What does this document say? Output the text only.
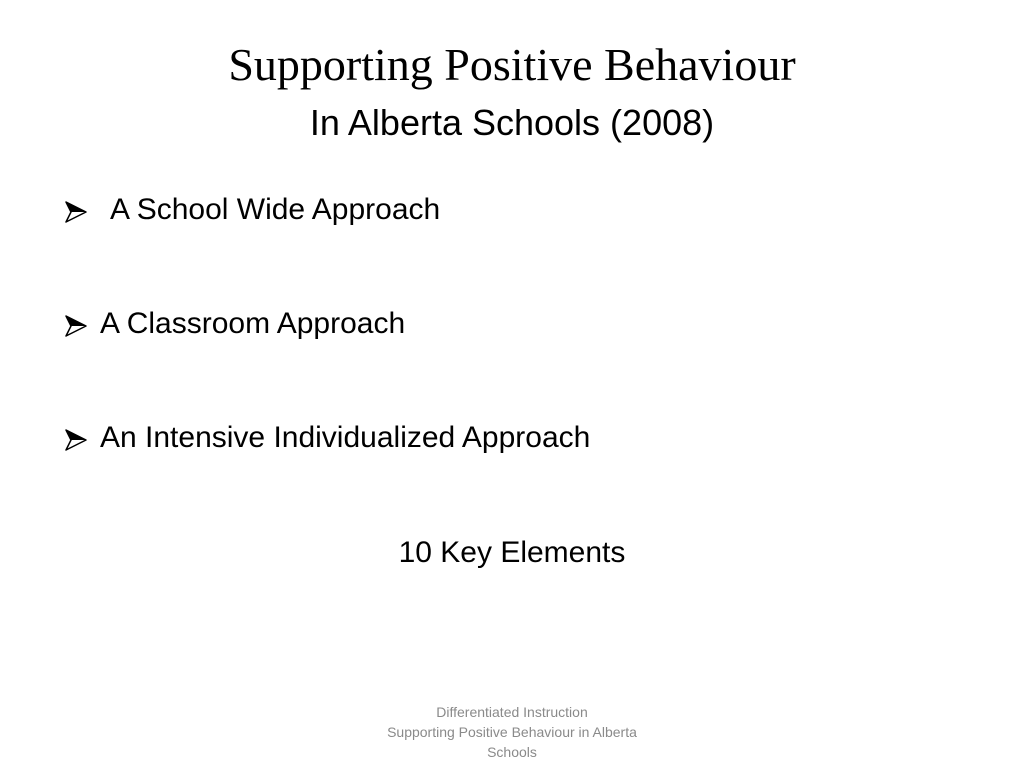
Supporting Positive Behaviour
In Alberta Schools (2008)
A School Wide Approach
A Classroom Approach
An Intensive Individualized Approach
10 Key Elements
Differentiated Instruction
Supporting Positive Behaviour in Alberta
Schools
